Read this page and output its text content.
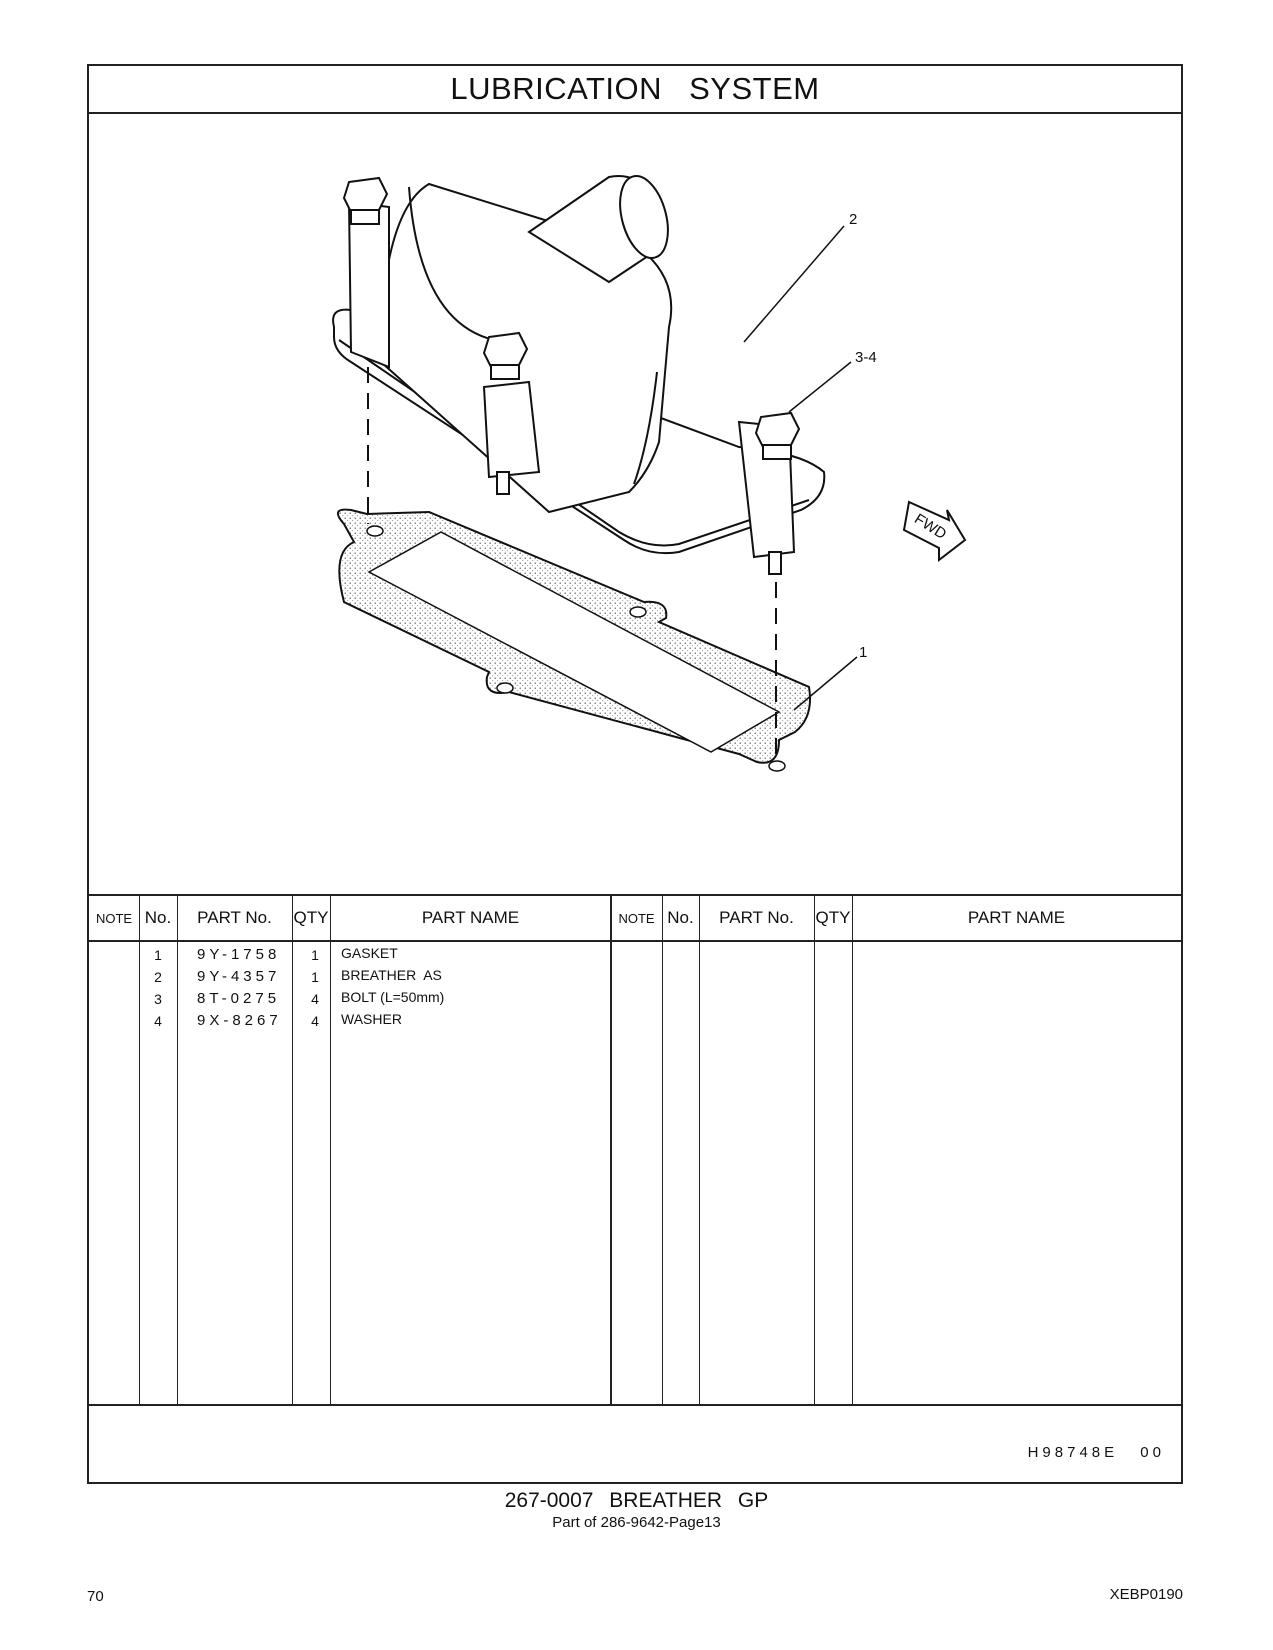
LUBRICATION SYSTEM
FWD
2
3-4
1
NOTE No.	PART No.	QTY	PART NAME	NOTE No.	PART No.	QTY	PART NAME
1	9Y-1758	1	GASKET
2	9Y-4357	1	BREATHER  AS
3	8T-0275	4	BOLT (L=50mm)
4	9X-8267	4	WASHER
H98748E 00
267-0007 BREATHER GP
Part of 286-9642-Page13
70	XEBP0190
